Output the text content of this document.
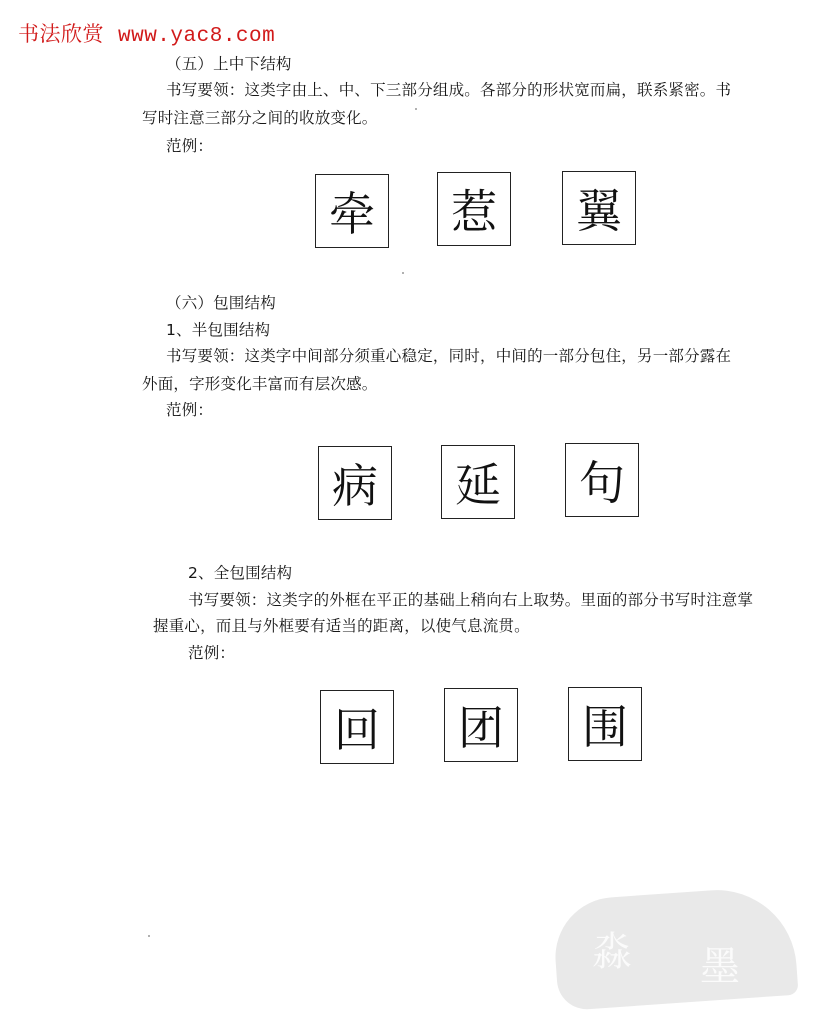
书法欣赏 www.yac8.com
（五）上中下结构
书写要领：这类字由上、中、下三部分组成。各部分的形状宽而扁，联系紧密。书
写时注意三部分之间的收放变化。
范例：
牵 惹 翼
（六）包围结构
1、半包围结构
书写要领：这类字中间部分须重心稳定，同时，中间的一部分包住，另一部分露在
外面，字形变化丰富而有层次感。
范例：
病 延 句
2、全包围结构
书写要领：这类字的外框在平正的基础上稍向右上取势。里面的部分书写时注意掌
握重心，而且与外框要有适当的距离，以使气息流贯。
范例：
回 团 围
淼 墨
